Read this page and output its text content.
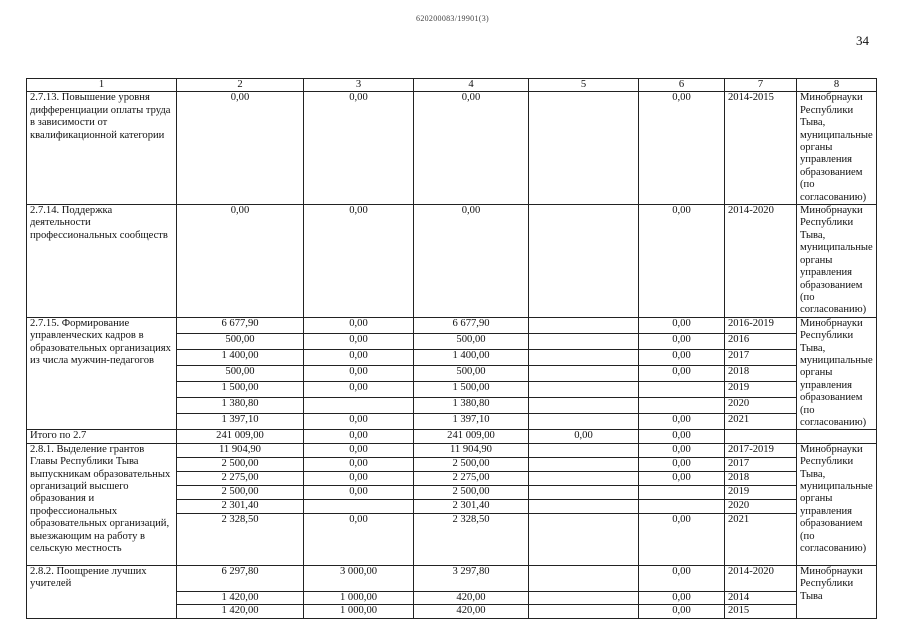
620200083/19901(3)
34
1	2	3	4	5	6	7	8
2.7.13. Повышение уровня дифференциации оплаты труда в зависимости от квалификационной категории	0,00	0,00	0,00		0,00	2014-2015	Минобрнауки Республики Тыва, муниципальные органы управления образованием (по согласованию)
2.7.14. Поддержка деятельности профессиональных сообществ	0,00	0,00	0,00		0,00	2014-2020	Минобрнауки Республики Тыва, муниципальные органы управления образованием (по согласованию)
2.7.15. Формирование управленческих кадров в образовательных организациях из числа мужчин-педагогов	6 677,90	0,00	6 677,90		0,00	2016-2019	Минобрнауки Республики Тыва, муниципальные органы управления образованием (по согласованию)
	500,00	0,00	500,00		0,00	2016	
	1 400,00	0,00	1 400,00		0,00	2017	
	500,00	0,00	500,00		0,00	2018	
	1 500,00	0,00	1 500,00			2019	
	1 380,80		1 380,80			2020	
	1 397,10	0,00	1 397,10		0,00	2021	
Итого по 2.7	241 009,00	0,00	241 009,00	0,00	0,00		
2.8.1. Выделение грантов Главы Республики Тыва выпускникам образовательных организаций высшего образования и профессиональных образовательных организаций, выезжающим на работу в сельскую местность	11 904,90	0,00	11 904,90		0,00	2017-2019	Минобрнауки Республики Тыва, муниципальные органы управления образованием (по согласованию)
	2 500,00	0,00	2 500,00		0,00	2017	
	2 275,00	0,00	2 275,00		0,00	2018	
	2 500,00	0,00	2 500,00			2019	
	2 301,40		2 301,40			2020	
	2 328,50	0,00	2 328,50		0,00	2021	
2.8.2. Поощрение лучших учителей	6 297,80	3 000,00	3 297,80		0,00	2014-2020	Минобрнауки Республики Тыва
	1 420,00	1 000,00	420,00		0,00	2014	
	1 420,00	1 000,00	420,00		0,00	2015	
